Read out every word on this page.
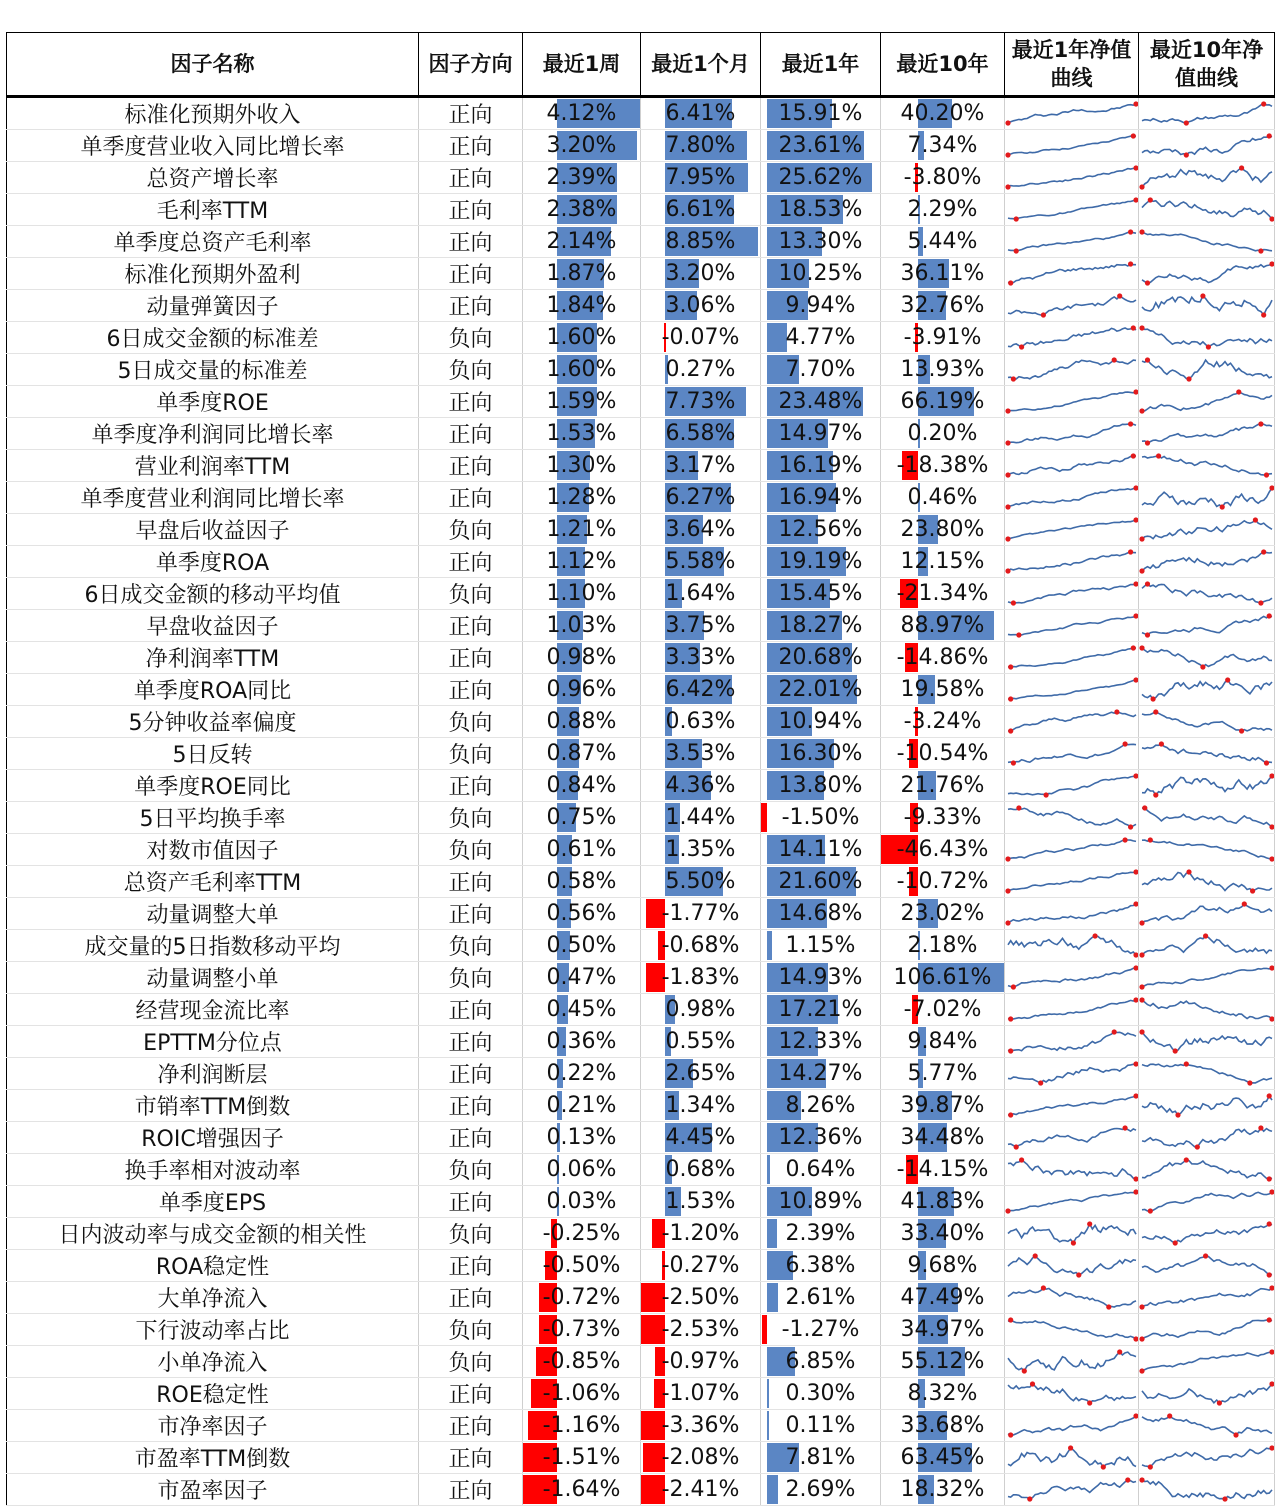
因子名称	因子方向	最近1周	最近1个月	最近1年	最近10年	最近1年净值曲线	最近10年净值曲线
标准化预期外收入	正向	4.12%	6.41%	15.91%	40.20%	

单季度营业收入同比增长率	正向	3.20%	7.80%	23.61%	7.34%	

总资产增长率	正向	2.39%	7.95%	25.62%	-3.80%	

毛利率TTM	正向	2.38%	6.61%	18.53%	2.29%	

单季度总资产毛利率	正向	2.14%	8.85%	13.30%	5.44%	

标准化预期外盈利	正向	1.87%	3.20%	10.25%	36.11%	

动量弹簧因子	正向	1.84%	3.06%	9.94%	32.76%	

6日成交金额的标准差	负向	1.60%	-0.07%	4.77%	-3.91%	

5日成交量的标准差	负向	1.60%	0.27%	7.70%	13.93%	

单季度ROE	正向	1.59%	7.73%	23.48%	66.19%	

单季度净利润同比增长率	正向	1.53%	6.58%	14.97%	0.20%	

营业利润率TTM	正向	1.30%	3.17%	16.19%	-18.38%	

单季度营业利润同比增长率	正向	1.28%	6.27%	16.94%	0.46%	

早盘后收益因子	负向	1.21%	3.64%	12.56%	23.80%	

单季度ROA	正向	1.12%	5.58%	19.19%	12.15%	

6日成交金额的移动平均值	负向	1.10%	1.64%	15.45%	-21.34%	

早盘收益因子	正向	1.03%	3.75%	18.27%	88.97%	

净利润率TTM	正向	0.98%	3.33%	20.68%	-14.86%	

单季度ROA同比	正向	0.96%	6.42%	22.01%	19.58%	

5分钟收益率偏度	负向	0.88%	0.63%	10.94%	-3.24%	

5日反转	负向	0.87%	3.53%	16.30%	-10.54%	

单季度ROE同比	正向	0.84%	4.36%	13.80%	21.76%	

5日平均换手率	负向	0.75%	1.44%	-1.50%	-9.33%	

对数市值因子	负向	0.61%	1.35%	14.11%	-46.43%	

总资产毛利率TTM	正向	0.58%	5.50%	21.60%	-10.72%	

动量调整大单	正向	0.56%	-1.77%	14.68%	23.02%	

成交量的5日指数移动平均	负向	0.50%	-0.68%	1.15%	2.18%	

动量调整小单	负向	0.47%	-1.83%	14.93%	106.61%	

经营现金流比率	正向	0.45%	0.98%	17.21%	-7.02%	

EPTTM分位点	正向	0.36%	0.55%	12.33%	9.84%	

净利润断层	正向	0.22%	2.65%	14.27%	5.77%	

市销率TTM倒数	正向	0.21%	1.34%	8.26%	39.87%	

ROIC增强因子	正向	0.13%	4.45%	12.36%	34.48%	

换手率相对波动率	负向	0.06%	0.68%	0.64%	-14.15%	

单季度EPS	正向	0.03%	1.53%	10.89%	41.83%	

日内波动率与成交金额的相关性	负向	-0.25%	-1.20%	2.39%	33.40%	

ROA稳定性	正向	-0.50%	-0.27%	6.38%	9.68%	

大单净流入	正向	-0.72%	-2.50%	2.61%	47.49%	

下行波动率占比	负向	-0.73%	-2.53%	-1.27%	34.97%	

小单净流入	负向	-0.85%	-0.97%	6.85%	55.12%	

ROE稳定性	正向	-1.06%	-1.07%	0.30%	8.32%	

市净率因子	正向	-1.16%	-3.36%	0.11%	33.68%	

市盈率TTM倒数	正向	-1.51%	-2.08%	7.81%	63.45%	

市盈率因子	正向	-1.64%	-2.41%	2.69%	18.32%	
